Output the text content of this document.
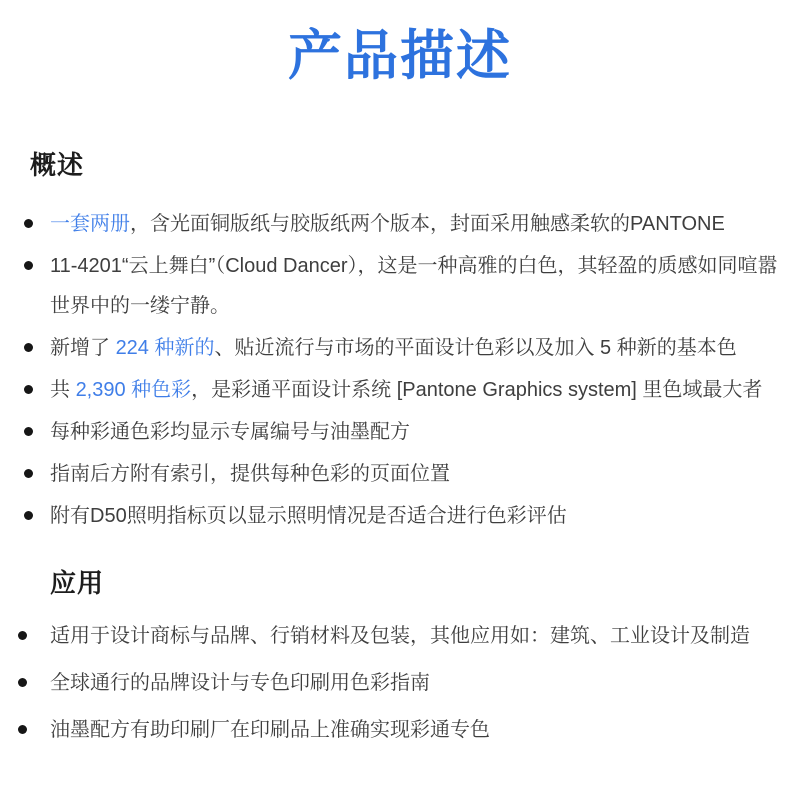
产品描述
概述
一套两册，含光面铜版纸与胶版纸两个版本，封面采用触感柔软的PANTONE
11-4201“云上舞白”（Cloud Dancer），这是一种高雅的白色，其轻盈的质感如同喧嚣世界中的一缕宁静。
新增了 224 种新的、贴近流行与市场的平面设计色彩以及加入 5 种新的基本色
共 2,390 种色彩，是彩通平面设计系统 [Pantone Graphics system] 里色域最大者
每种彩通色彩均显示专属编号与油墨配方
指南后方附有索引，提供每种色彩的页面位置
附有D50照明指标页以显示照明情况是否适合进行色彩评估
应用
适用于设计商标与品牌、行销材料及包装，其他应用如：建筑、工业设计及制造
全球通行的品牌设计与专色印刷用色彩指南
油墨配方有助印刷厂在印刷品上准确实现彩通专色
